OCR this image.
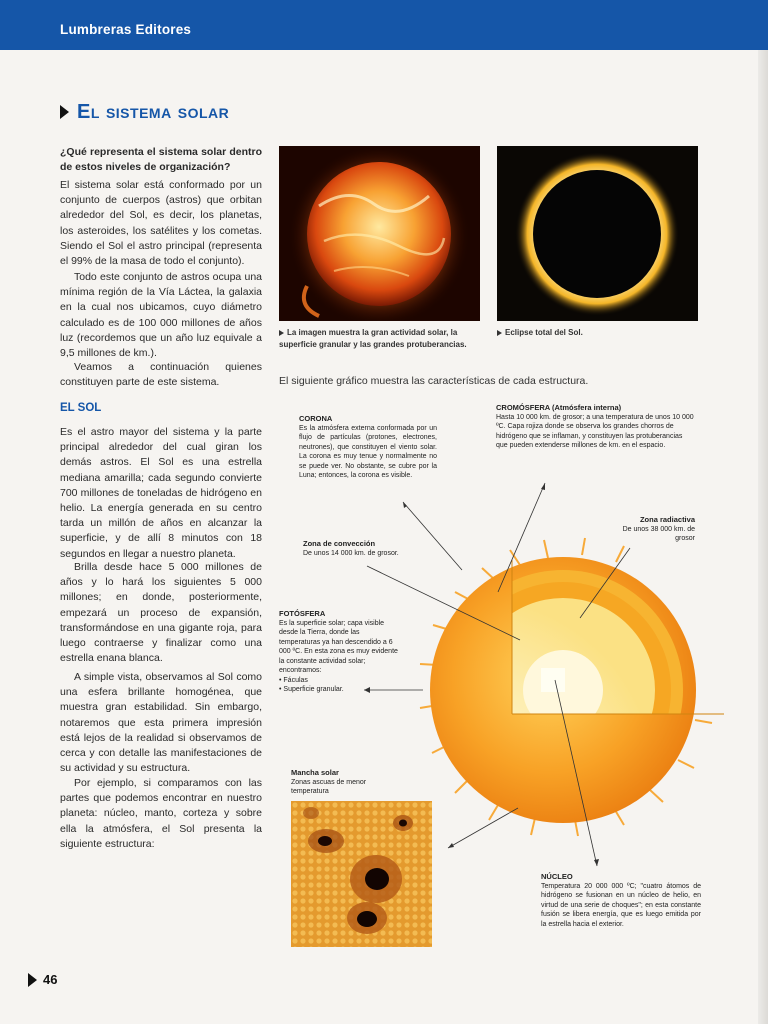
Lumbreras Editores
El sistema solar
¿Qué representa el sistema solar dentro de estos niveles de organización?
El sistema solar está conformado por un conjunto de cuerpos (astros) que orbitan alrededor del Sol, es decir, los planetas, los asteroides, los satélites y los cometas. Siendo el Sol el astro principal (representa el 99% de la masa de todo el conjunto).
Todo este conjunto de astros ocupa una mínima región de la Vía Láctea, la galaxia en la cual nos ubicamos, cuyo diámetro calculado es de 100 000 millones de años luz (recordemos que un año luz equivale a 9,5 millones de km.).
Veamos a continuación quienes constituyen parte de este sistema.
EL SOL
Es el astro mayor del sistema y la parte principal alrededor del cual giran los demás astros. El Sol es una estrella mediana amarilla; cada segundo convierte 700 millones de toneladas de hidrógeno en helio. La energía generada en su centro tarda un millón de años en alcanzar la superficie, y de allí 8 minutos con 18 segundos en llegar a nuestro planeta.
Brilla desde hace 5 000 millones de años y lo hará los siguientes 5 000 millones; en donde, posteriormente, empezará un proceso de expansión, transformándose en una gigante roja, para luego contraerse y finalizar como una estrella enana blanca.
A simple vista, observamos al Sol como una esfera brillante homogénea, que muestra gran estabilidad. Sin embargo, notaremos que esta primera impresión está lejos de la realidad si observamos de cerca y con detalle las manifestaciones de su actividad y su estructura.
Por ejemplo, si comparamos con las partes que podemos encontrar en nuestro planeta: núcleo, manto, corteza y sobre ella la atmósfera, el Sol presenta la siguiente estructura:
La imagen muestra la gran actividad solar, la superficie granular y las grandes protuberancias.
Eclipse total del Sol.
El siguiente gráfico muestra las características de cada estructura.
CORONA
Es la atmósfera externa conformada por un flujo de partículas (protones, electrones, neutrones), que constituyen el viento solar. La corona es muy tenue y normalmente no se puede ver. No obstante, se cubre por la Luna; entonces, la corona es visible.
CROMÓSFERA (Atmósfera interna)
Hasta 10 000 km. de grosor; a una temperatura de unos 10 000 ºC. Capa rojiza donde se observa los grandes chorros de hidrógeno que se inflaman, y constituyen las protuberancias que pueden extenderse millones de km. en el espacio.
Zona radiactiva
De unos 38 000 km. de grosor
Zona de convección
De unos 14 000 km. de grosor.
FOTÓSFERA
Es la superficie solar; capa visible desde la Tierra, donde las temperaturas ya han descendido a 6 000 ºC. En esta zona es muy evidente la constante actividad solar; encontramos:
• Fáculas
• Superficie granular.
Mancha solar
Zonas ascuas de menor temperatura
NÚCLEO
Temperatura 20 000 000 ºC; "cuatro átomos de hidrógeno se fusionan en un núcleo de helio, en virtud de una serie de choques"; en esta constante fusión se libera energía, que es luego emitida por la estrella hacia el exterior.
46
